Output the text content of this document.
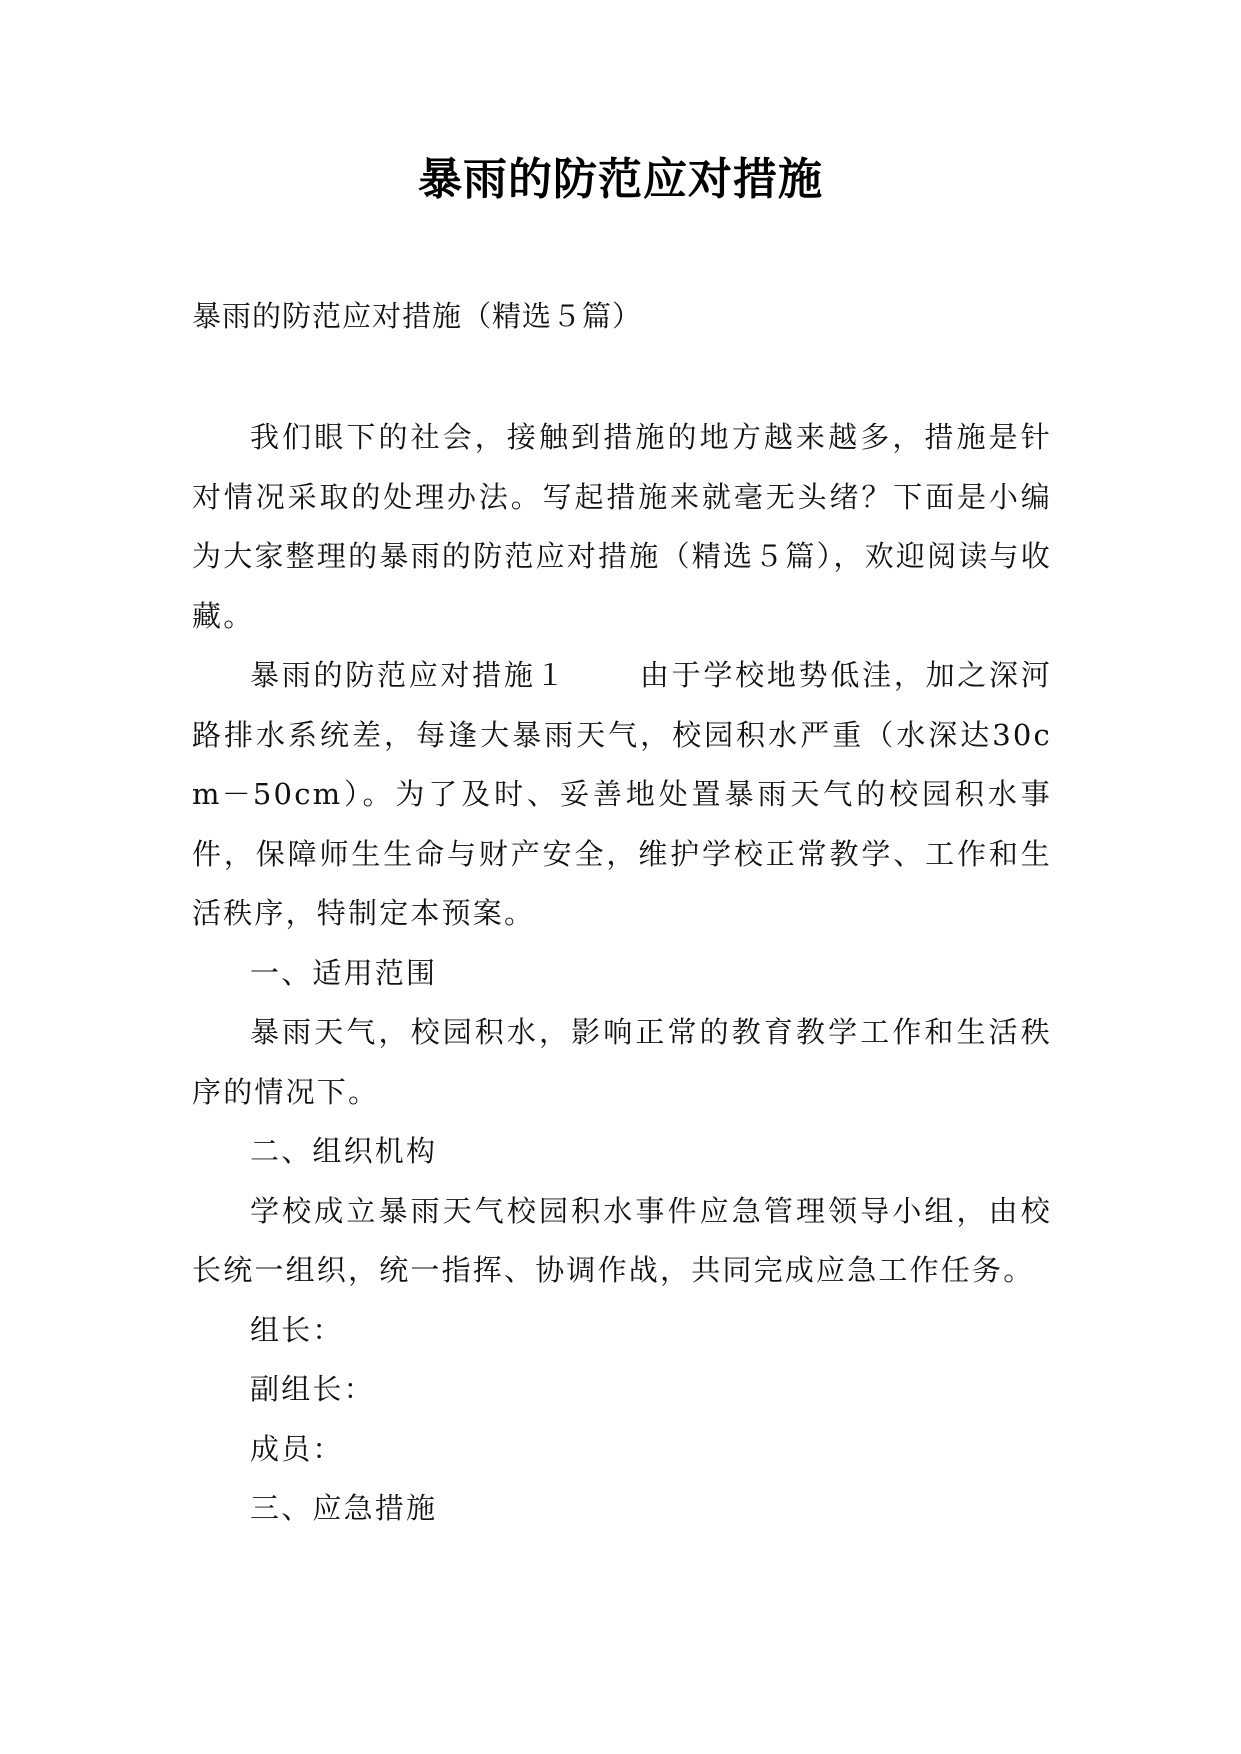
暴雨的防范应对措施
暴雨的防范应对措施（精选５篇）

我们眼下的社会，接触到措施的地方越来越多，措施是针对情况采取的处理办法。写起措施来就毫无头绪？下面是小编为大家整理的暴雨的防范应对措施（精选５篇），欢迎阅读与收藏。

暴雨的防范应对措施１ 由于学校地势低洼，加之深河路排水系统差，每逢大暴雨天气，校园积水严重（水深达30cm－50cm）。为了及时、妥善地处置暴雨天气的校园积水事件，保障师生生命与财产安全，维护学校正常教学、工作和生活秩序，特制定本预案。

一、适用范围

暴雨天气，校园积水，影响正常的教育教学工作和生活秩序的情况下。

二、组织机构

学校成立暴雨天气校园积水事件应急管理领导小组，由校长统一组织，统一指挥、协调作战，共同完成应急工作任务。

组长：

副组长：

成员：

三、应急措施
